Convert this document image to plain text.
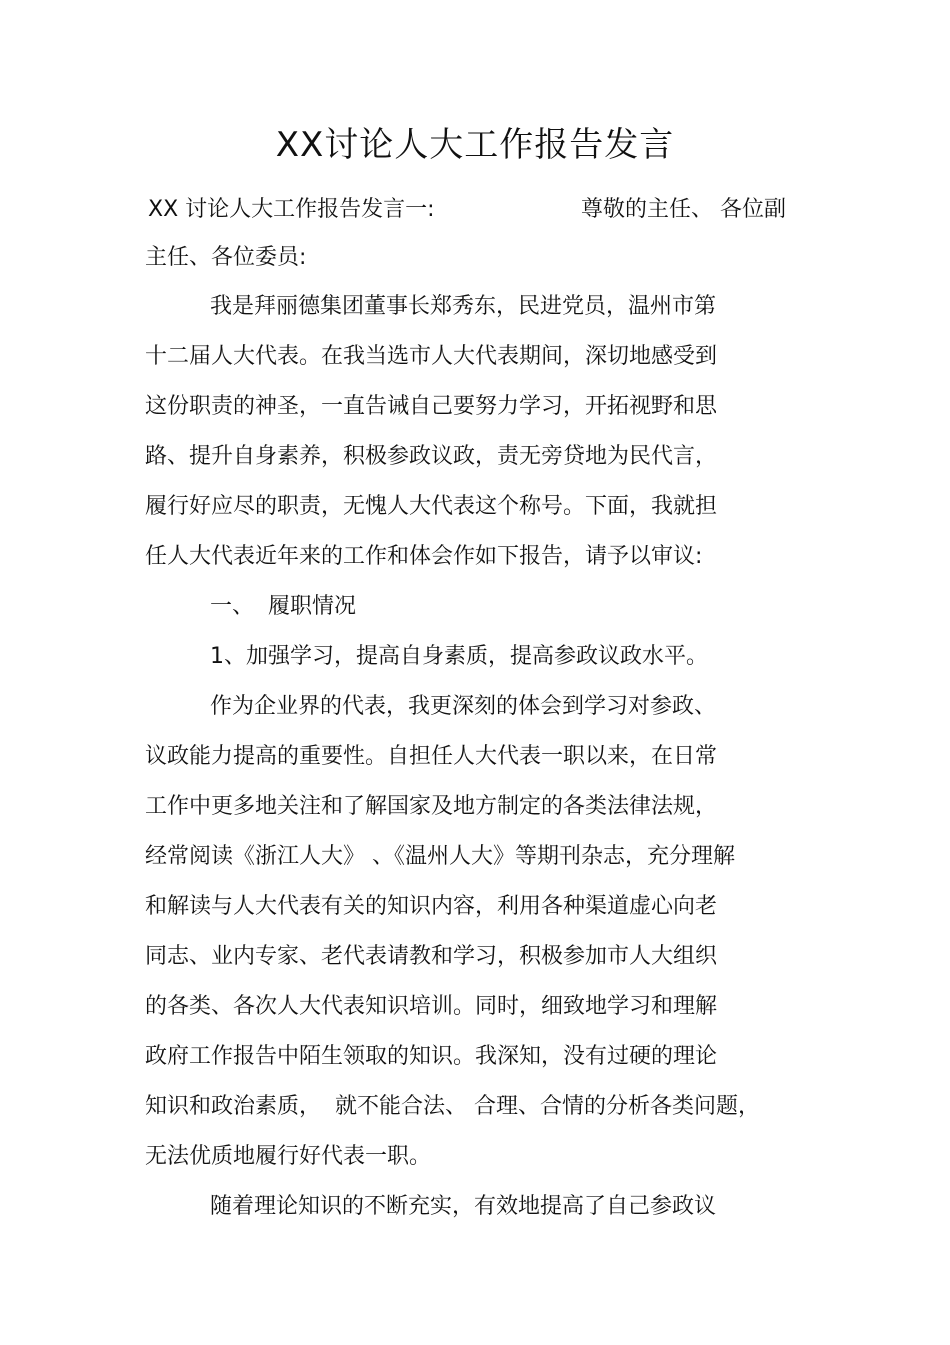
XX讨论人大工作报告发言
XX 讨论人大工作报告发言一:	尊敬的主任、 各位副
主任、各位委员:
我是拜丽德集团董事长郑秀东，民进党员，温州市第
十二届人大代表。在我当选市人大代表期间，深切地感受到
这份职责的神圣，一直告诫自己要努力学习，开拓视野和思
路、提升自身素养，积极参政议政，责无旁贷地为民代言，
履行好应尽的职责，无愧人大代表这个称号。下面，我就担
任人大代表近年来的工作和体会作如下报告，请予以审议:
一、  履职情况
1、加强学习，提高自身素质，提高参政议政水平。
作为企业界的代表，我更深刻的体会到学习对参政、
议政能力提高的重要性。自担任人大代表一职以来，在日常
工作中更多地关注和了解国家及地方制定的各类法律法规，
经常阅读《浙江人大》 、《温州人大》等期刊杂志，充分理解
和解读与人大代表有关的知识内容，利用各种渠道虚心向老
同志、业内专家、老代表请教和学习，积极参加市人大组织
的各类、各次人大代表知识培训。同时，细致地学习和理解
政府工作报告中陌生领取的知识。我深知，没有过硬的理论
知识和政治素质，  就不能合法、 合理、合情的分析各类问题，
无法优质地履行好代表一职。
随着理论知识的不断充实，有效地提高了自己参政议
